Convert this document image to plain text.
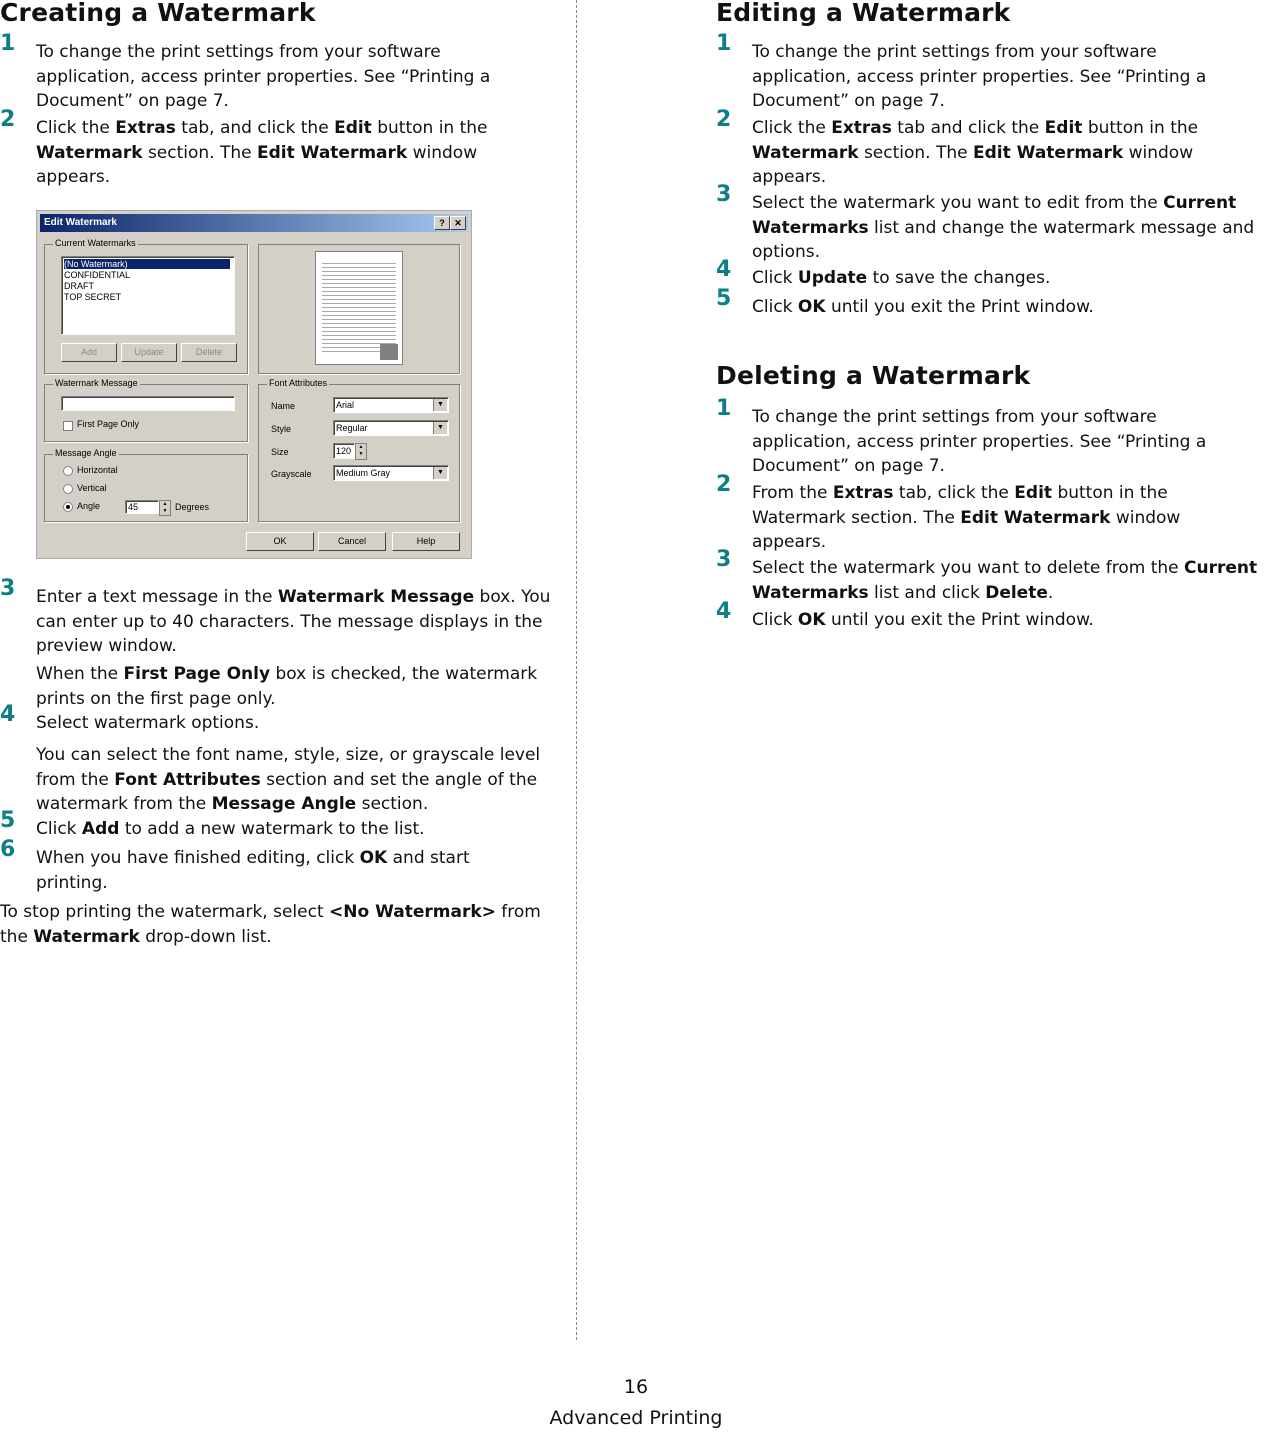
Creating a Watermark
1 To change the print settings from your software application, access printer properties. See “Printing a Document” on page 7.
2 Click the Extras tab, and click the Edit button in the Watermark section. The Edit Watermark window appears.
Edit Watermark	?	✕
Current Watermarks
(No Watermark)
CONFIDENTIAL
DRAFT
TOP SECRET
Add	Update	Delete
Watermark Message
First Page Only
Message Angle
Horizontal
Vertical
Angle	45	▲
▼ Degrees
Font Attributes
Name	Arial	▼
Style	Regular	▼
Size	120	▲
▼
Grayscale	Medium Gray	▼
OK	Cancel	Help
3 Enter a text message in the Watermark Message box. You can enter up to 40 characters. The message displays in the preview window.
When the First Page Only box is checked, the watermark prints on the first page only.
4 Select watermark options.
You can select the font name, style, size, or grayscale level from the Font Attributes section and set the angle of the watermark from the Message Angle section.
5 Click Add to add a new watermark to the list.
6 When you have finished editing, click OK and start printing.
To stop printing the watermark, select <No Watermark> from the Watermark drop-down list.
Editing a Watermark
1 To change the print settings from your software application, access printer properties. See “Printing a Document” on page 7.
2 Click the Extras tab and click the Edit button in the Watermark section. The Edit Watermark window appears.
3 Select the watermark you want to edit from the Current Watermarks list and change the watermark message and options.
4 Click Update to save the changes.
5 Click OK until you exit the Print window.
Deleting a Watermark
1 To change the print settings from your software application, access printer properties. See “Printing a Document” on page 7.
2 From the Extras tab, click the Edit button in the Watermark section. The Edit Watermark window appears.
3 Select the watermark you want to delete from the Current Watermarks list and click Delete.
4 Click OK until you exit the Print window.
16
Advanced Printing
